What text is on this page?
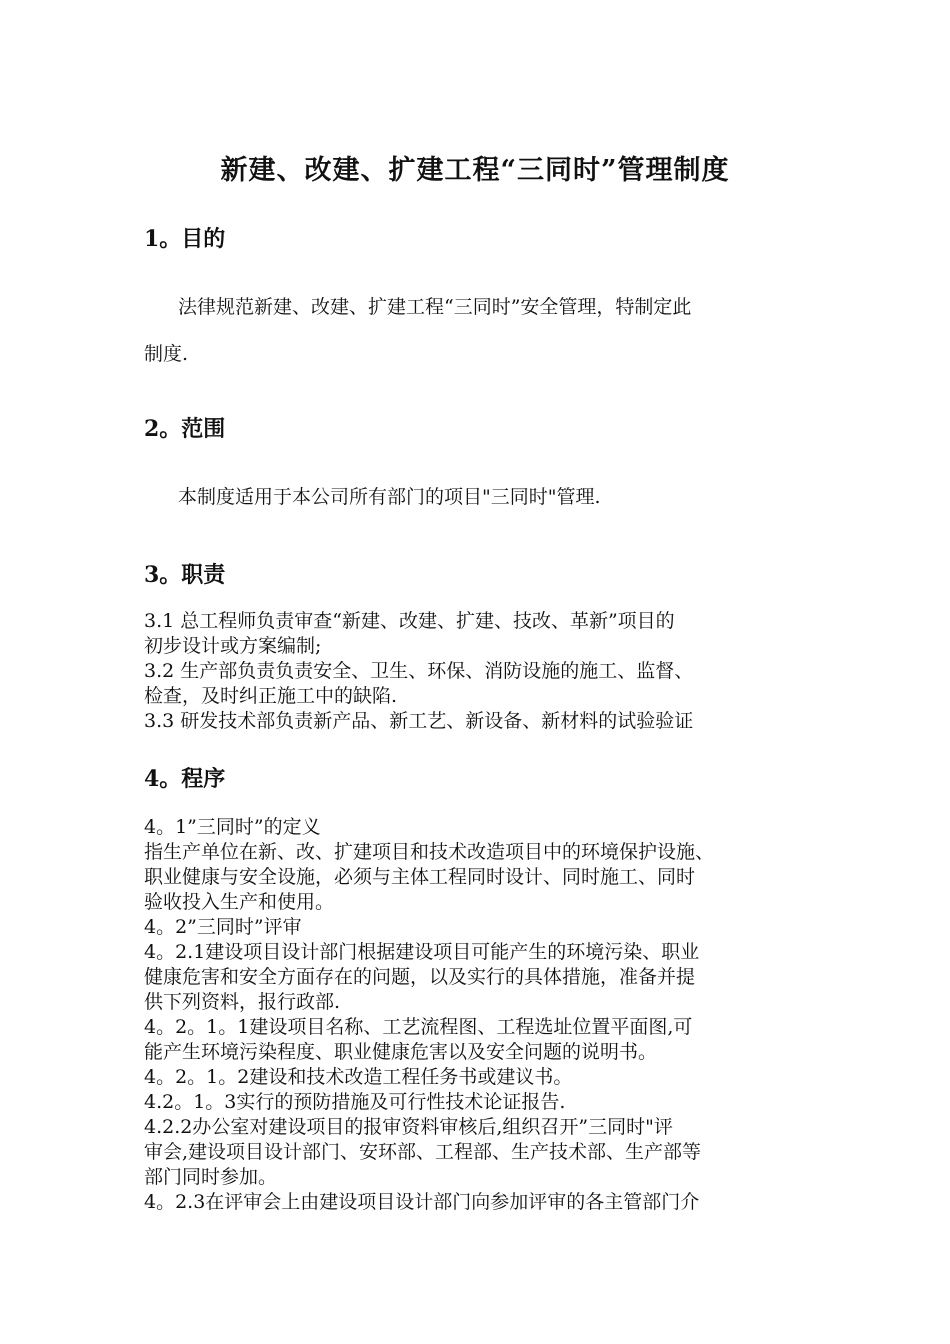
新建、改建、扩建工程“三同时”管理制度
1。目的
法律规范新建、改建、扩建工程“三同时”安全管理，特制定此
制度.
2。范围
本制度适用于本公司所有部门的项目"三同时"管理.
3。职责
3.1 总工程师负责审查“新建、改建、扩建、技改、革新”项目的
初步设计或方案编制;
3.2 生产部负责负责安全、卫生、环保、消防设施的施工、监督、
检查，及时纠正施工中的缺陷.
3.3 研发技术部负责新产品、新工艺、新设备、新材料的试验验证
4。程序
4。1”三同时”的定义
指生产单位在新、改、扩建项目和技术改造项目中的环境保护设施、
职业健康与安全设施，必须与主体工程同时设计、同时施工、同时
验收投入生产和使用。
4。2”三同时”评审
4。2.1建设项目设计部门根据建设项目可能产生的环境污染、职业
健康危害和安全方面存在的问题，以及实行的具体措施，准备并提
供下列资料，报行政部.
4。2。1。1建设项目名称、工艺流程图、工程选址位置平面图,可
能产生环境污染程度、职业健康危害以及安全问题的说明书。
4。2。1。2建设和技术改造工程任务书或建议书。
4.2。1。3实行的预防措施及可行性技术论证报告.
4.2.2办公室对建设项目的报审资料审核后,组织召开”三同时"评
审会,建设项目设计部门、安环部、工程部、生产技术部、生产部等
部门同时参加。
4。2.3在评审会上由建设项目设计部门向参加评审的各主管部门介
